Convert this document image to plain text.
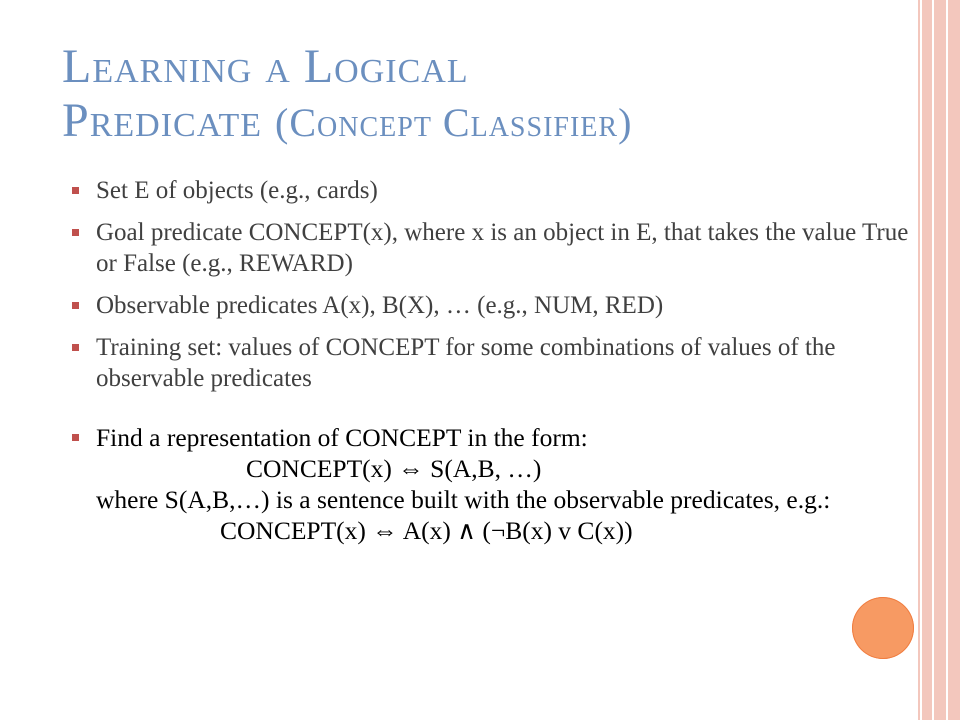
Learning a Logical
Predicate (Concept Classifier)
Set E of objects (e.g., cards)
Goal predicate CONCEPT(x), where x is an object in E, that takes the value True or False (e.g., REWARD)
Observable predicates A(x), B(X), … (e.g., NUM, RED)
Training set: values of CONCEPT for some combinations of values of the observable predicates
Find a representation of CONCEPT in the form:
CONCEPT(x) ⇔ S(A,B, …)
where S(A,B,…) is a sentence built with the observable predicates, e.g.:
CONCEPT(x) ⇔ A(x) ∧ (¬B(x) v C(x))
